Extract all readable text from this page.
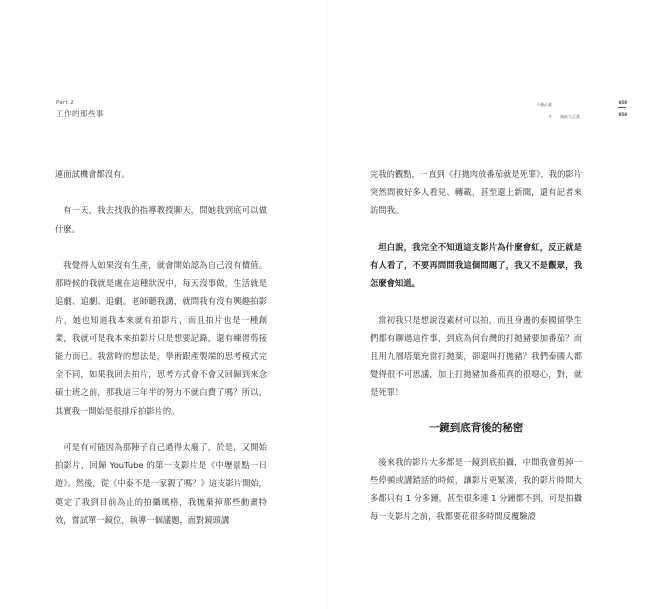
Part 2
工作的那些事

連面試機會都沒有。

有一天，我去找我的指導教授聊天，問她我到底可以做什麼。

我覺得人如果沒有生產，就會開始認為自己沒有價值。那時候的我就是處在這種狀況中，每天沒事做，生活就是追劇、追劇、追劇。老師聽我講，就問我有沒有興趣拍影片，她也知道我本來就有拍影片，而且拍片也是一種創業，我就可是我本來拍影片只是想要記錄，還有練習剪接能力而已。我當時的想法是，學術跟產製端的思考模式完全不同，如果我回去拍片，思考方式會不會又回歸到來念碩士班之前，那我這三年半的努力不就白費了嗎？所以，其實我一開始是很排斥拍影片的。

可是有可能因為那陣子自己過得太廢了，於是，又開始拍影片，回歸 YouTube 的第一支影片是《中壢景點一日遊》。然後，從《中泰不是一家親了嗎？》這支影片開始，奠定了我到目前為止的拍攝風格，我拋棄掉那些動畫特效，嘗試單一鏡位，執導一個議題，面對鏡頭講

不務正業
才　　務最大正業
059
058

完我的觀點，一直到《打拋肉放番茄就是死罪》，我的影片突然間被好多人看見、轉載，甚至還上新聞，還有記者來訪問我。

坦白說，我完全不知道這支影片為什麼會紅，反正就是有人看了，不要再問問我這個問題了，我又不是觀眾，我怎麼會知道。

當初我只是想說沒素材可以拍，而且身邊的泰國留學生們都有聊過這件事，到底為何台灣的打拋豬要加番茄？而且用九層塔葉充當打拋葉，卻還叫打拋豬？我們泰國人都覺得很不可思議，加上打拋豬加番茄真的很噁心，對，就是死罪！

一鏡到底背後的秘密

後來我的影片大多都是一鏡到底拍攝，中間我會剪掉一些停頓或講錯話的時候，讓影片更緊湊，我的影片時間大多都只有 1 分多鐘，甚至很多連 1 分鐘都不到，可是拍攝每一支影片之前，我都要花很多時間反覆驗證
